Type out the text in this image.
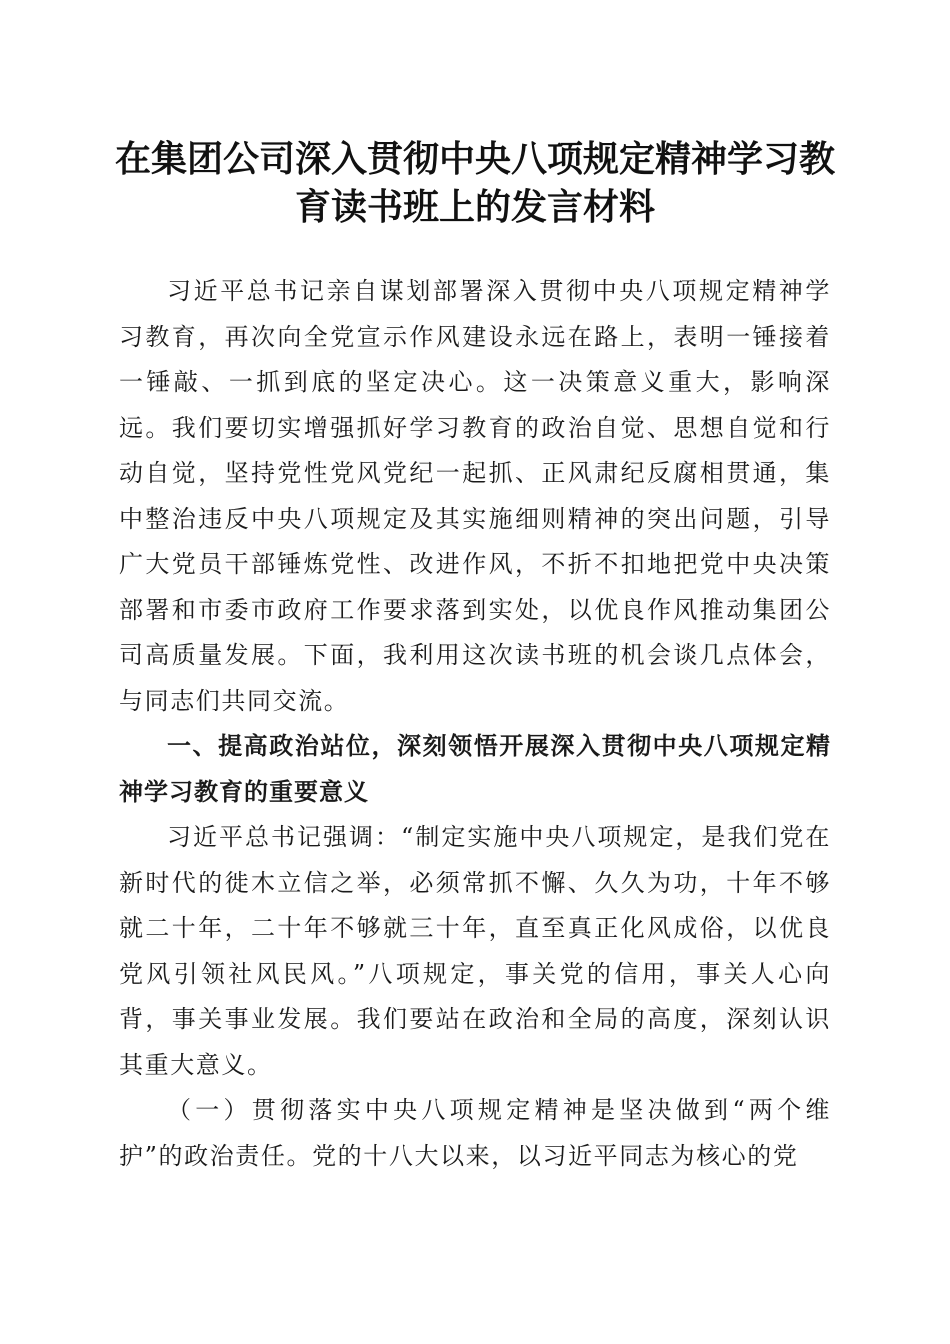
在集团公司深入贯彻中央八项规定精神学习教育读书班上的发言材料

习近平总书记亲自谋划部署深入贯彻中央八项规定精神学习教育，再次向全党宣示作风建设永远在路上，表明一锤接着一锤敲、一抓到底的坚定决心。这一决策意义重大，影响深远。我们要切实增强抓好学习教育的政治自觉、思想自觉和行动自觉，坚持党性党风党纪一起抓、正风肃纪反腐相贯通，集中整治违反中央八项规定及其实施细则精神的突出问题，引导广大党员干部锤炼党性、改进作风，不折不扣地把党中央决策部署和市委市政府工作要求落到实处，以优良作风推动集团公司高质量发展。下面，我利用这次读书班的机会谈几点体会，与同志们共同交流。

一、提高政治站位，深刻领悟开展深入贯彻中央八项规定精神学习教育的重要意义

习近平总书记强调：“制定实施中央八项规定，是我们党在新时代的徙木立信之举，必须常抓不懈、久久为功，十年不够就二十年，二十年不够就三十年，直至真正化风成俗，以优良党风引领社风民风。”八项规定，事关党的信用，事关人心向背，事关事业发展。我们要站在政治和全局的高度，深刻认识其重大意义。

（一）贯彻落实中央八项规定精神是坚决做到“两个维护”的政治责任。党的十八大以来，以习近平同志为核心的党
